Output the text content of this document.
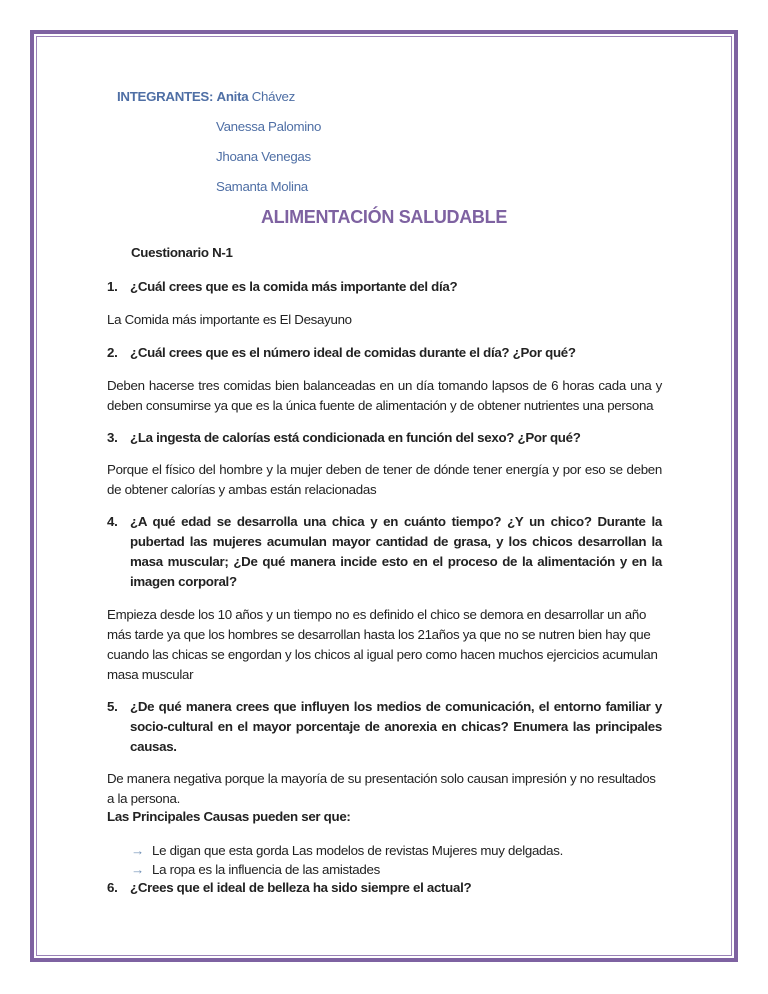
INTEGRANTES: Anita Chávez
Vanessa Palomino
Jhoana Venegas
Samanta Molina
ALIMENTACIÓN SALUDABLE
Cuestionario N-1
1. ¿Cuál crees que es la comida más importante del día?
La Comida más importante es El Desayuno
2. ¿Cuál crees que es el número ideal de comidas durante el día? ¿Por qué?
Deben hacerse tres comidas bien balanceadas en un día tomando lapsos de 6 horas cada una y deben consumirse ya que es la única fuente de alimentación y de obtener nutrientes una persona
3. ¿La ingesta de calorías está condicionada en función del sexo? ¿Por qué?
Porque el físico del hombre y la mujer deben de tener de dónde tener energía y por eso se deben de obtener calorías y ambas están relacionadas
4. ¿A qué edad se desarrolla una chica y en cuánto tiempo? ¿Y un chico? Durante la pubertad las mujeres acumulan mayor cantidad de grasa, y los chicos desarrollan la masa muscular; ¿De qué manera incide esto en el proceso de la alimentación y en la imagen corporal?
Empieza desde los 10 años y un tiempo no es definido el chico se demora en desarrollar un año más tarde ya que los hombres se desarrollan hasta los 21años ya que no se nutren bien hay que cuando las chicas se engordan y los chicos al igual pero como hacen muchos ejercicios acumulan masa muscular
5. ¿De qué manera crees que influyen los medios de comunicación, el entorno familiar y socio-cultural en el mayor porcentaje de anorexia en chicas? Enumera las principales causas.
De manera negativa porque la mayoría de su presentación solo causan impresión y no resultados a la persona.
Las Principales Causas pueden ser que:
→ Le digan que esta gorda Las modelos de revistas Mujeres muy delgadas.
→ La ropa es la influencia de las amistades
6. ¿Crees que el ideal de belleza ha sido siempre el actual?
